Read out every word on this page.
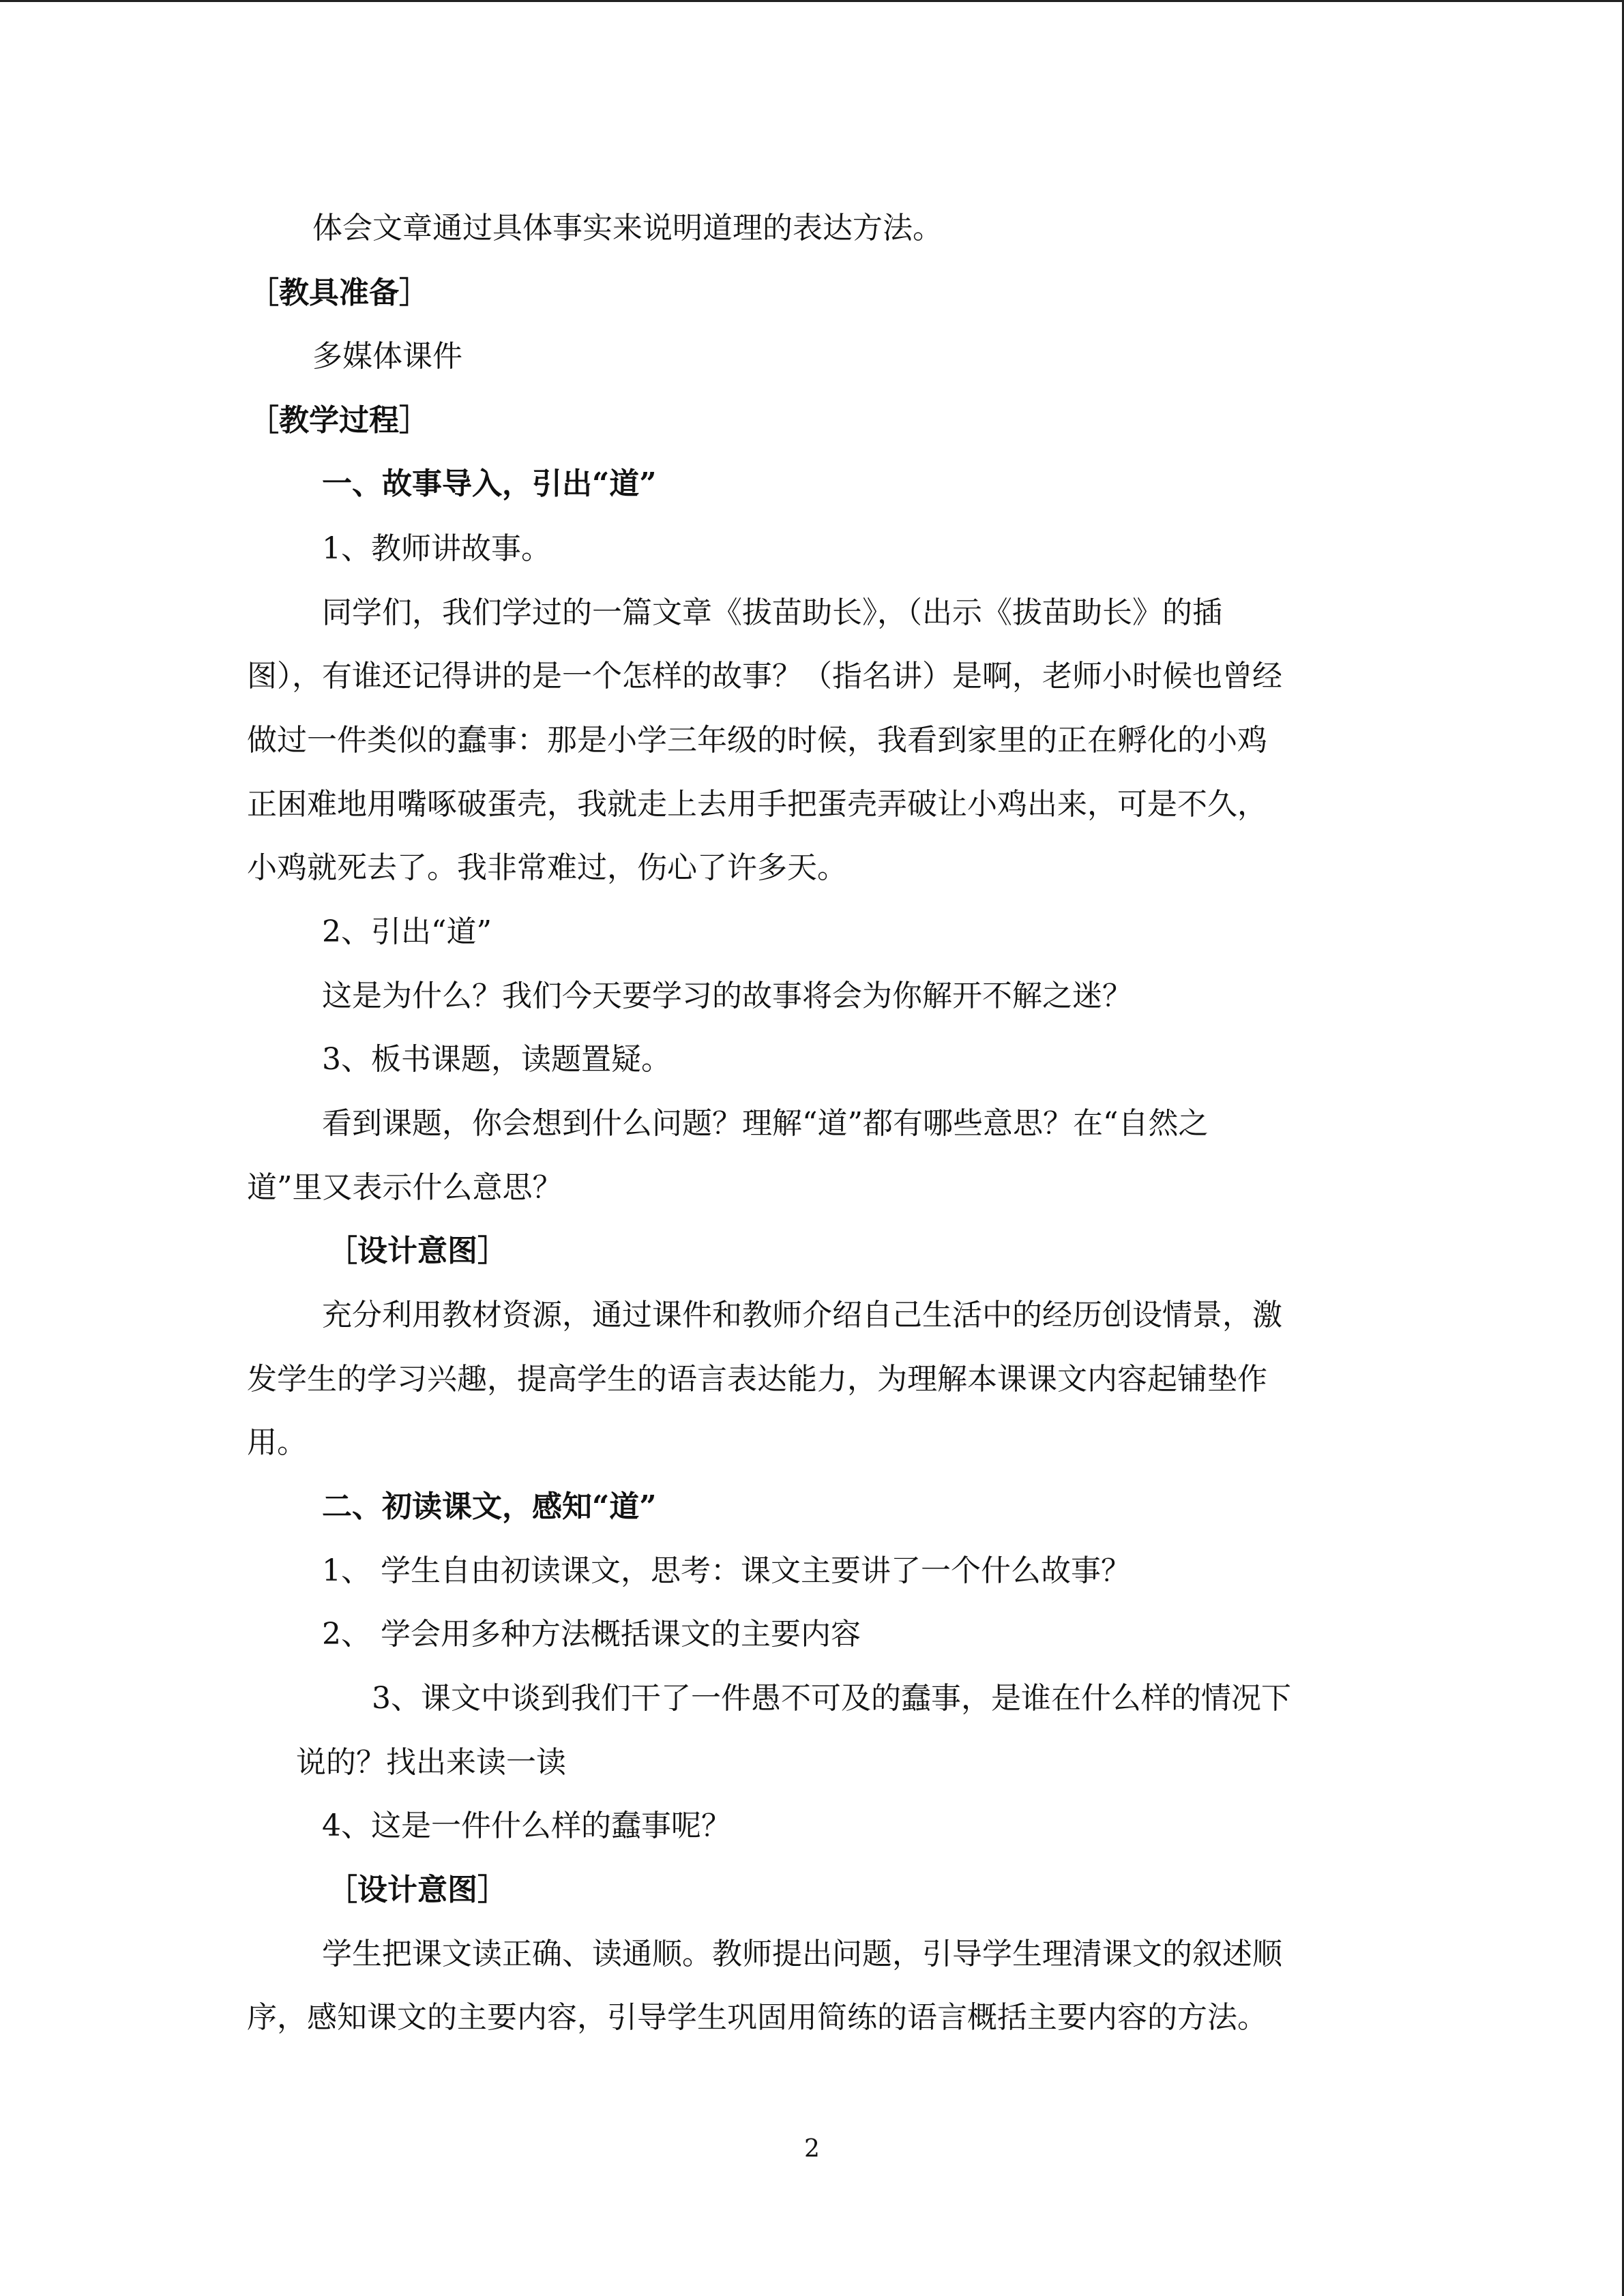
体会文章通过具体事实来说明道理的表达方法。

［教具准备］

多媒体课件

［教学过程］

一、故事导入，引出“道”

1、教师讲故事。

同学们，我们学过的一篇文章《拔苗助长》，（出示《拔苗助长》的插

图），有谁还记得讲的是一个怎样的故事？（指名讲）是啊，老师小时候也曾经

做过一件类似的蠢事：那是小学三年级的时候，我看到家里的正在孵化的小鸡

正困难地用嘴啄破蛋壳，我就走上去用手把蛋壳弄破让小鸡出来，可是不久，

小鸡就死去了。我非常难过，伤心了许多天。

2、引出“道”

这是为什么？我们今天要学习的故事将会为你解开不解之迷？

3、板书课题，读题置疑。

看到课题，你会想到什么问题？理解“道”都有哪些意思？在“自然之

道”里又表示什么意思？

［设计意图］

充分利用教材资源，通过课件和教师介绍自己生活中的经历创设情景，激

发学生的学习兴趣，提高学生的语言表达能力，为理解本课课文内容起铺垫作

用。

二、初读课文，感知“道”

1、 学生自由初读课文，思考：课文主要讲了一个什么故事？

2、 学会用多种方法概括课文的主要内容

3、课文中谈到我们干了一件愚不可及的蠢事，是谁在什么样的情况下

说的？找出来读一读

4、这是一件什么样的蠢事呢？

［设计意图］

学生把课文读正确、读通顺。教师提出问题，引导学生理清课文的叙述顺

序，感知课文的主要内容，引导学生巩固用简练的语言概括主要内容的方法。

2
